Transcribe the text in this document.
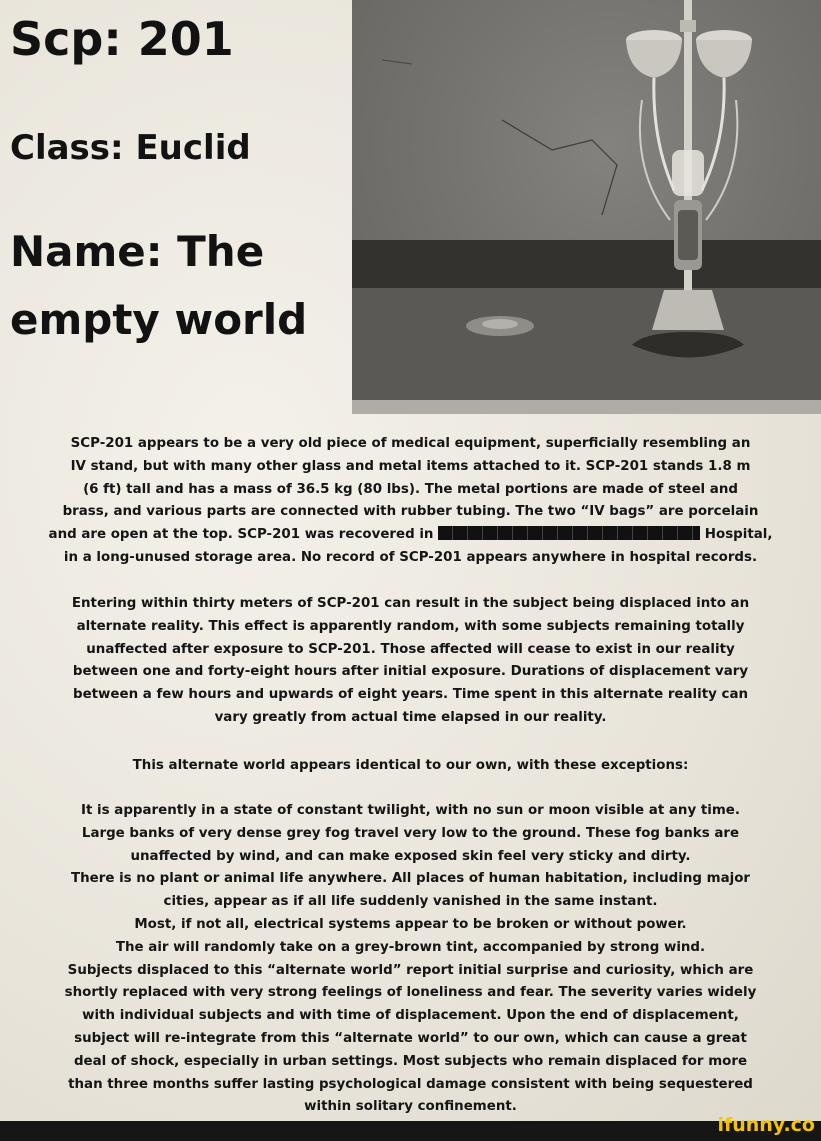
Scp: 201
Class: Euclid
Name: The
empty world
SCP-201 appears to be a very old piece of medical equipment, superficially resembling an
IV stand, but with many other glass and metal items attached to it. SCP-201 stands 1.8 m
(6 ft) tall and has a mass of 36.5 kg (80 lbs). The metal portions are made of steel and
brass, and various parts are connected with rubber tubing. The two “IV bags” are porcelain
and are open at the top. SCP-201 was recovered in	Hospital,
in a long-unused storage area. No record of SCP-201 appears anywhere in hospital records.
Entering within thirty meters of SCP-201 can result in the subject being displaced into an
alternate reality. This effect is apparently random, with some subjects remaining totally
unaffected after exposure to SCP-201. Those affected will cease to exist in our reality
between one and forty-eight hours after initial exposure. Durations of displacement vary
between a few hours and upwards of eight years. Time spent in this alternate reality can
vary greatly from actual time elapsed in our reality.
This alternate world appears identical to our own, with these exceptions:
It is apparently in a state of constant twilight, with no sun or moon visible at any time.
Large banks of very dense grey fog travel very low to the ground. These fog banks are
unaffected by wind, and can make exposed skin feel very sticky and dirty.
There is no plant or animal life anywhere. All places of human habitation, including major
cities, appear as if all life suddenly vanished in the same instant.
Most, if not all, electrical systems appear to be broken or without power.
The air will randomly take on a grey-brown tint, accompanied by strong wind.
Subjects displaced to this “alternate world” report initial surprise and curiosity, which are
shortly replaced with very strong feelings of loneliness and fear. The severity varies widely
with individual subjects and with time of displacement. Upon the end of displacement,
subject will re-integrate from this “alternate world” to our own, which can cause a great
deal of shock, especially in urban settings. Most subjects who remain displaced for more
than three months suffer lasting psychological damage consistent with being sequestered
within solitary confinement.
ifunny.co
